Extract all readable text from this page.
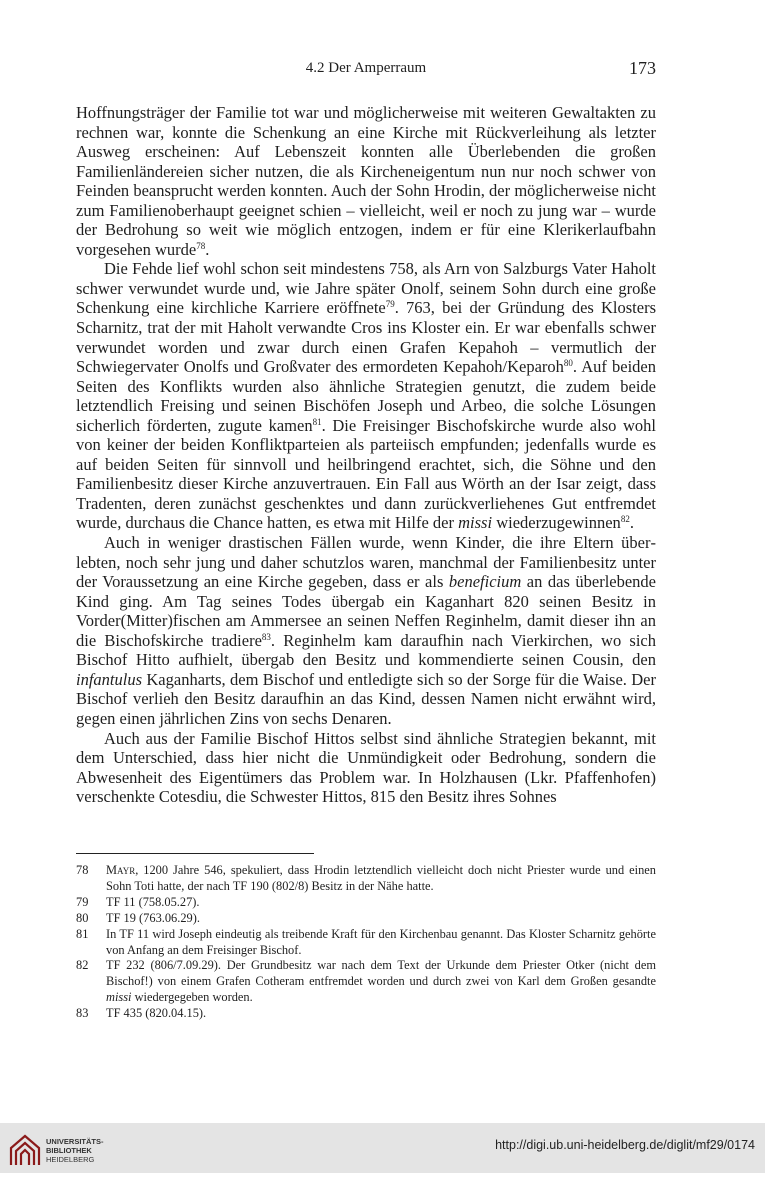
4.2 Der Amperraum	173

Hoffnungsträger der Familie tot war und möglicherweise mit weiteren Gewaltakten zu rechnen war, konnte die Schenkung an eine Kirche mit Rückverleihung als letzter Ausweg erscheinen: Auf Lebenszeit konnten alle Überlebenden die großen Familienländereien sicher nutzen, die als Kircheneigentum nun nur noch schwer von Feinden beansprucht werden konnten. Auch der Sohn Hrodin, der möglicherweise nicht zum Familienoberhaupt geeignet schien – vielleicht, weil er noch zu jung war – wurde der Bedrohung so weit wie möglich entzogen, indem er für eine Klerikerlaufbahn vorgesehen wurde$^{78}$.

Die Fehde lief wohl schon seit mindestens 758, als Arn von Salzburgs Vater Haholt schwer verwundet wurde und, wie Jahre später Onolf, seinem Sohn durch eine große Schenkung eine kirchliche Karriere eröffnete$^{79}$. 763, bei der Gründung des Klosters Scharnitz, trat der mit Haholt verwandte Cros ins Kloster ein. Er war ebenfalls schwer verwundet worden und zwar durch einen Grafen Kepahoh – vermutlich der Schwiegervater Onolfs und Großvater des ermordeten Kepahoh/Keparoh$^{80}$. Auf beiden Seiten des Konflikts wurden also ähnliche Strategien genutzt, die zudem beide letztendlich Freising und seinen Bischöfen Joseph und Arbeo, die solche Lösungen sicherlich förderten, zugute kamen$^{81}$. Die Freisinger Bischofskirche wurde also wohl von keiner der beiden Konfliktparteien als parteiisch empfunden; jedenfalls wurde es auf beiden Seiten für sinnvoll und heilbringend erachtet, sich, die Söhne und den Familienbesitz dieser Kirche anzuvertrauen. Ein Fall aus Wörth an der Isar zeigt, dass Tradenten, deren zunächst geschenktes und dann zurückverliehenes Gut entfremdet wurde, durchaus die Chance hatten, es etwa mit Hilfe der missi wiederzugewinnen$^{82}$.

Auch in weniger drastischen Fällen wurde, wenn Kinder, die ihre Eltern überlebten, noch sehr jung und daher schutzlos waren, manchmal der Familienbesitz unter der Voraussetzung an eine Kirche gegeben, dass er als beneficium an das überlebende Kind ging. Am Tag seines Todes übergab ein Kaganhart 820 seinen Besitz in Vorder(Mitter)fischen am Ammersee an seinen Neffen Reginhelm, damit dieser ihn an die Bischofskirche tradiere$^{83}$. Reginhelm kam daraufhin nach Vierkirchen, wo sich Bischof Hitto aufhielt, übergab den Besitz und kommendierte seinen Cousin, den infantulus Kaganharts, dem Bischof und entledigte sich so der Sorge für die Waise. Der Bischof verlieh den Besitz daraufhin an das Kind, dessen Namen nicht erwähnt wird, gegen einen jährlichen Zins von sechs Denaren.

Auch aus der Familie Bischof Hittos selbst sind ähnliche Strategien bekannt, mit dem Unterschied, dass hier nicht die Unmündigkeit oder Bedrohung, sondern die Abwesenheit des Eigentümers das Problem war. In Holzhausen (Lkr. Pfaffenhofen) verschenkte Cotesdiu, die Schwester Hittos, 815 den Besitz ihres Sohnes

78	Mayr, 1200 Jahre 546, spekuliert, dass Hrodin letztendlich vielleicht doch nicht Priester wurde und einen Sohn Toti hatte, der nach TF 190 (802/8) Besitz in der Nähe hatte.
79	TF 11 (758.05.27).
80	TF 19 (763.06.29).
81	In TF 11 wird Joseph eindeutig als treibende Kraft für den Kirchenbau genannt. Das Kloster Scharnitz gehörte von Anfang an dem Freisinger Bischof.
82	TF 232 (806/7.09.29). Der Grundbesitz war nach dem Text der Urkunde dem Priester Otker (nicht dem Bischof!) von einem Grafen Cotheram entfremdet worden und durch zwei von Karl dem Großen gesandte missi wiedergegeben worden.
83	TF 435 (820.04.15).
UNIVERSITÄTS-
BIBLIOTHEK
HEIDELBERG
http://digi.ub.uni-heidelberg.de/diglit/mf29/0174
